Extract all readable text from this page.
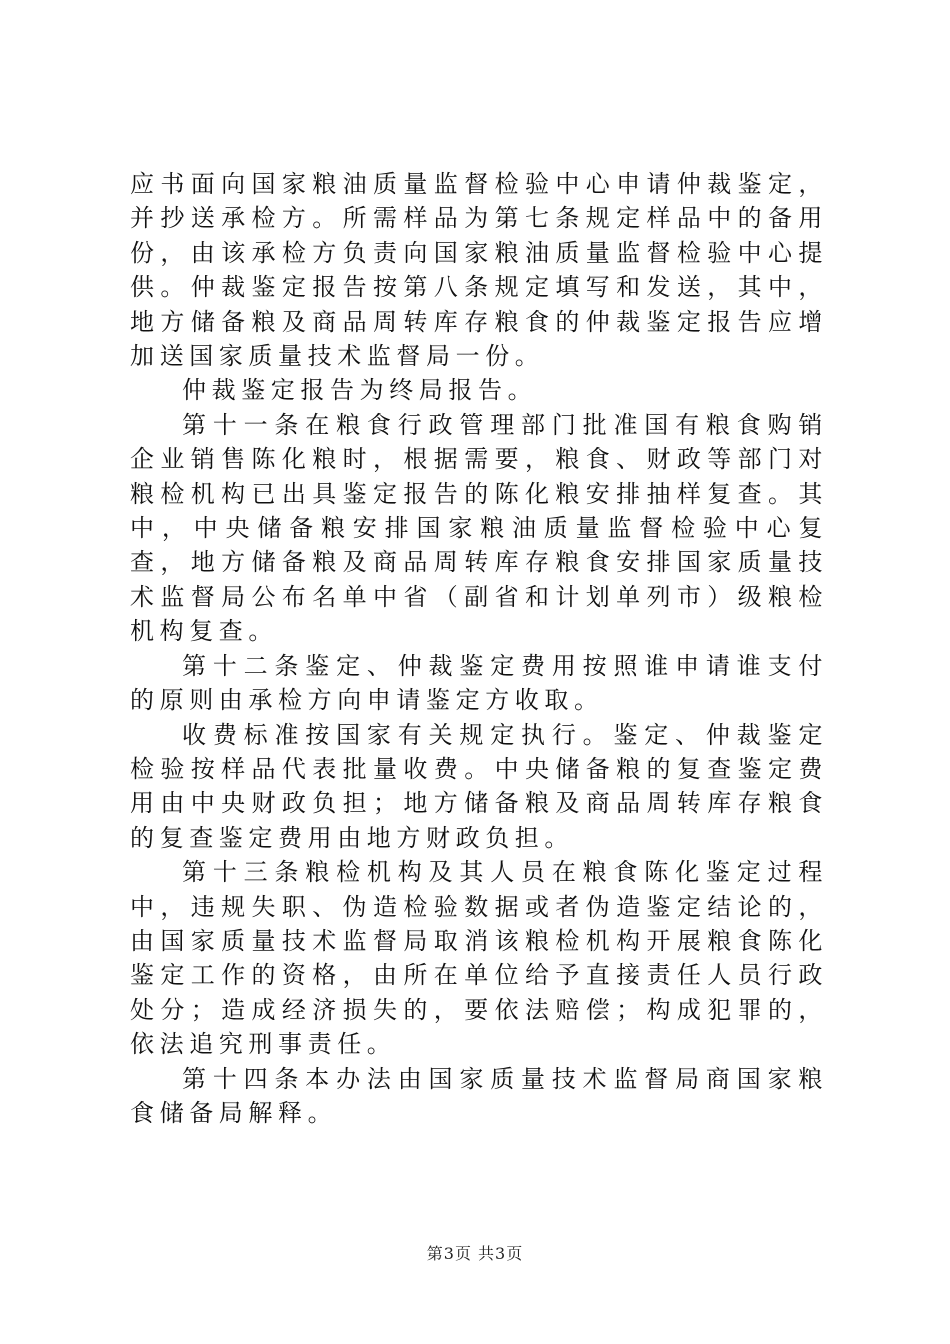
应书面向国家粮油质量监督检验中心申请仲裁鉴定，并抄送承检方。所需样品为第七条规定样品中的备用份，由该承检方负责向国家粮油质量监督检验中心提供。仲裁鉴定报告按第八条规定填写和发送，其中，地方储备粮及商品周转库存粮食的仲裁鉴定报告应增加送国家质量技术监督局一份。

仲裁鉴定报告为终局报告。

第十一条在粮食行政管理部门批准国有粮食购销企业销售陈化粮时，根据需要，粮食、财政等部门对粮检机构已出具鉴定报告的陈化粮安排抽样复查。其中，中央储备粮安排国家粮油质量监督检验中心复查，地方储备粮及商品周转库存粮食安排国家质量技术监督局公布名单中省（副省和计划单列市）级粮检机构复查。

第十二条鉴定、仲裁鉴定费用按照谁申请谁支付的原则由承检方向申请鉴定方收取。

收费标准按国家有关规定执行。鉴定、仲裁鉴定检验按样品代表批量收费。中央储备粮的复查鉴定费用由中央财政负担；地方储备粮及商品周转库存粮食的复查鉴定费用由地方财政负担。

第十三条粮检机构及其人员在粮食陈化鉴定过程中，违规失职、伪造检验数据或者伪造鉴定结论的，由国家质量技术监督局取消该粮检机构开展粮食陈化鉴定工作的资格，由所在单位给予直接责任人员行政处分；造成经济损失的，要依法赔偿；构成犯罪的，依法追究刑事责任。

第十四条本办法由国家质量技术监督局商国家粮食储备局解释。

第3页 共3页
